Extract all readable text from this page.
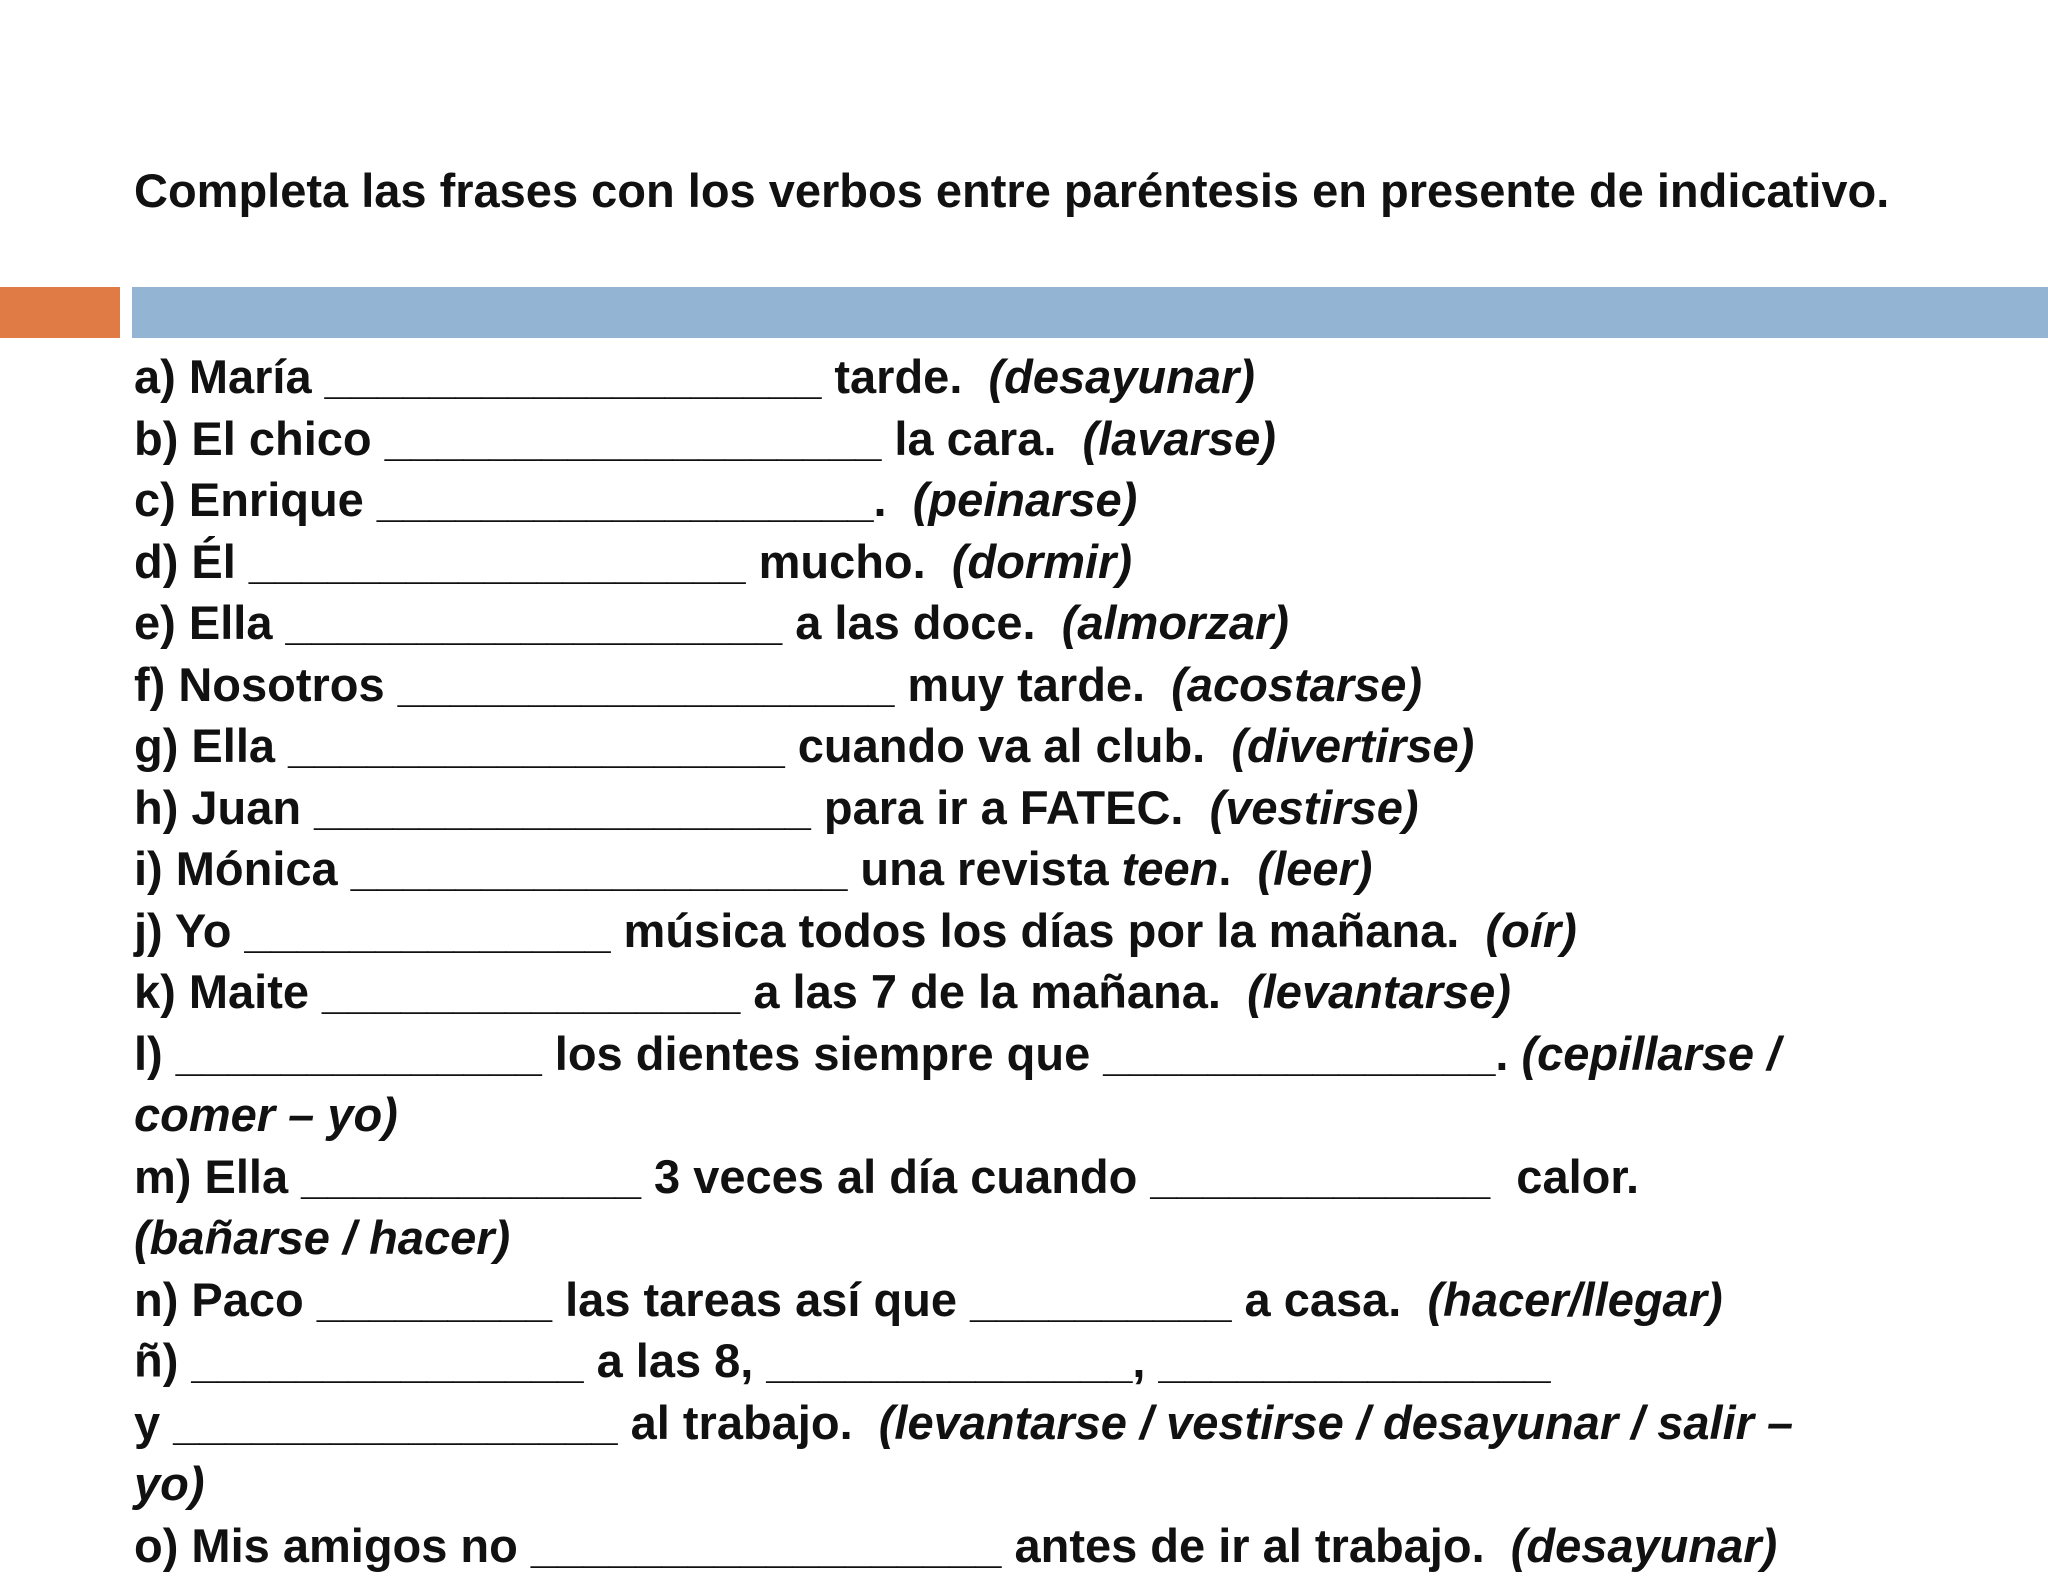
Completa las frases con los verbos entre paréntesis en presente de indicativo.
a) María ___________________ tarde.  (desayunar)
b) El chico ___________________ la cara.  (lavarse)
c) Enrique ___________________.  (peinarse)
d) Él ___________________ mucho.  (dormir)
e) Ella ___________________ a las doce.  (almorzar)
f) Nosotros ___________________ muy tarde.  (acostarse)
g) Ella ___________________ cuando va al club.  (divertirse)
h) Juan ___________________ para ir a FATEC.  (vestirse)
i) Mónica ___________________ una revista teen.  (leer)
j) Yo ______________ música todos los días por la mañana.  (oír)
k) Maite ________________ a las 7 de la mañana.  (levantarse)
l) ______________ los dientes siempre que _______________. (cepillarse /
comer – yo)
m) Ella _____________ 3 veces al día cuando _____________  calor.
(bañarse / hacer)
n) Paco _________ las tareas así que __________ a casa.  (hacer/llegar)
ñ) _______________ a las 8, ______________, _______________
y _________________ al trabajo.  (levantarse / vestirse / desayunar / salir –
yo)
o) Mis amigos no __________________ antes de ir al trabajo.  (desayunar)
